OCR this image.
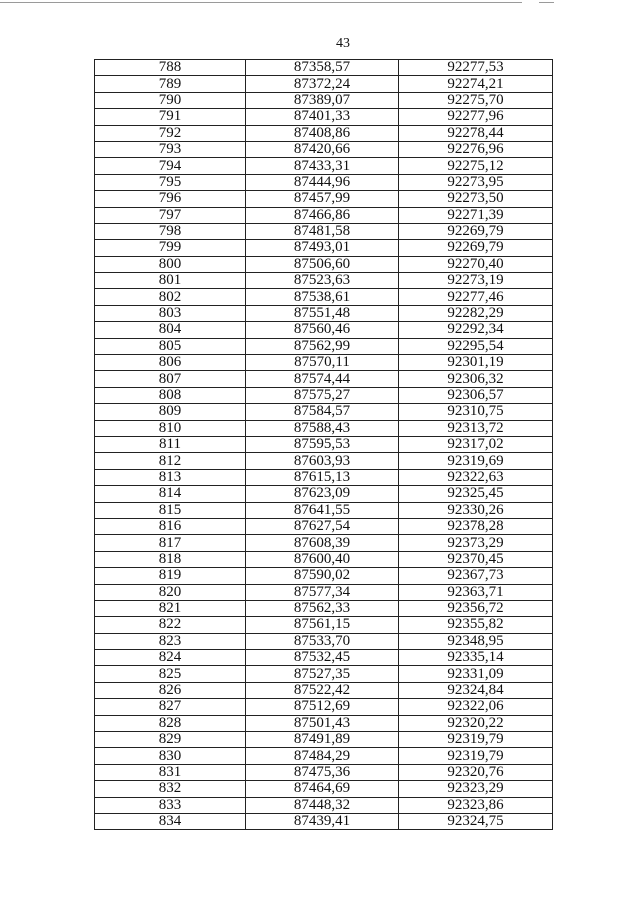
43
788	87358,57	92277,53
789	87372,24	92274,21
790	87389,07	92275,70
791	87401,33	92277,96
792	87408,86	92278,44
793	87420,66	92276,96
794	87433,31	92275,12
795	87444,96	92273,95
796	87457,99	92273,50
797	87466,86	92271,39
798	87481,58	92269,79
799	87493,01	92269,79
800	87506,60	92270,40
801	87523,63	92273,19
802	87538,61	92277,46
803	87551,48	92282,29
804	87560,46	92292,34
805	87562,99	92295,54
806	87570,11	92301,19
807	87574,44	92306,32
808	87575,27	92306,57
809	87584,57	92310,75
810	87588,43	92313,72
811	87595,53	92317,02
812	87603,93	92319,69
813	87615,13	92322,63
814	87623,09	92325,45
815	87641,55	92330,26
816	87627,54	92378,28
817	87608,39	92373,29
818	87600,40	92370,45
819	87590,02	92367,73
820	87577,34	92363,71
821	87562,33	92356,72
822	87561,15	92355,82
823	87533,70	92348,95
824	87532,45	92335,14
825	87527,35	92331,09
826	87522,42	92324,84
827	87512,69	92322,06
828	87501,43	92320,22
829	87491,89	92319,79
830	87484,29	92319,79
831	87475,36	92320,76
832	87464,69	92323,29
833	87448,32	92323,86
834	87439,41	92324,75
